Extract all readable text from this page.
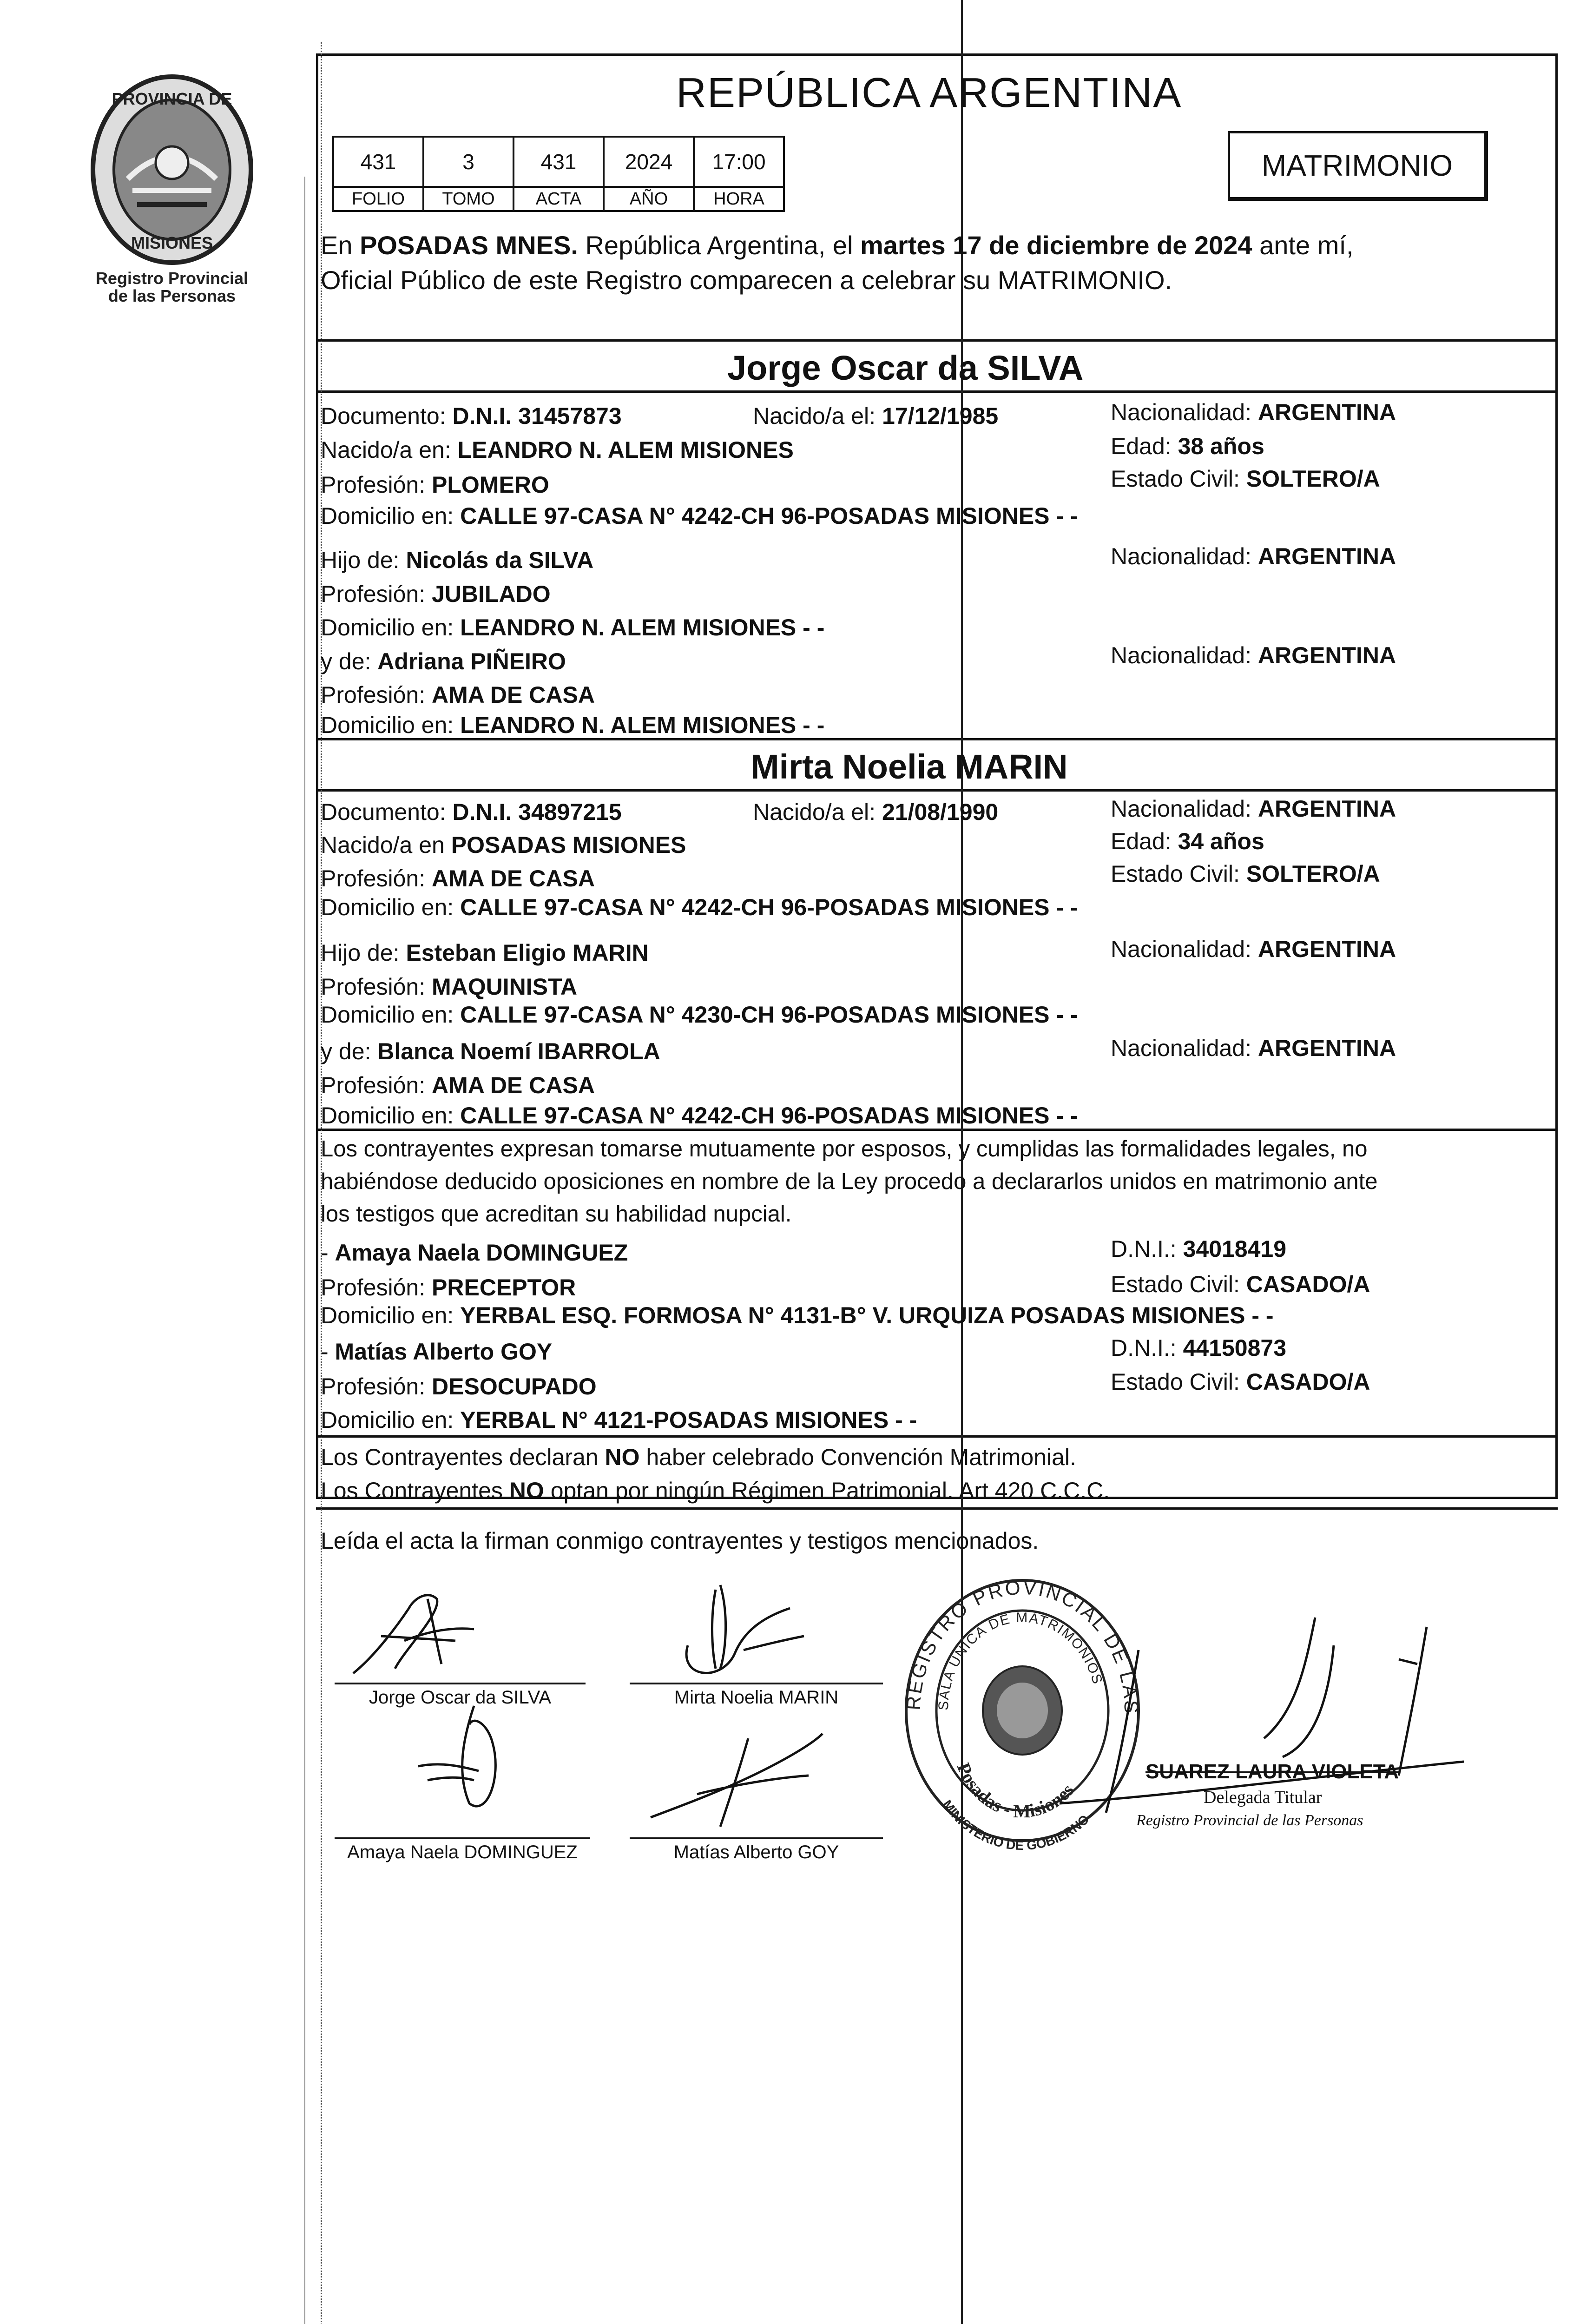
PROVINCIA DE
MISIONES
Registro Provincial
de las Personas
REPÚBLICA ARGENTINA
431	3	431	2024	17:00
FOLIO	TOMO	ACTA	AÑO	HORA
MATRIMONIO
En POSADAS MNES. República Argentina, el martes 17 de diciembre de 2024 ante mí,
Oficial Público de este Registro comparecen a celebrar su MATRIMONIO.
Jorge Oscar da SILVA
Documento: D.N.I. 31457873	Nacido/a el: 17/12/1985	Nacionalidad: ARGENTINA
Nacido/a en: LEANDRO N. ALEM MISIONES	Edad: 38 años
Profesión: PLOMERO	Estado Civil: SOLTERO/A
Domicilio en: CALLE 97-CASA N° 4242-CH 96-POSADAS MISIONES - -
Hijo de: Nicolás da SILVA	Nacionalidad: ARGENTINA
Profesión: JUBILADO
Domicilio en: LEANDRO N. ALEM MISIONES - -
y de: Adriana PIÑEIRO	Nacionalidad: ARGENTINA
Profesión: AMA DE CASA
Domicilio en: LEANDRO N. ALEM MISIONES - -
Mirta Noelia MARIN
Documento: D.N.I. 34897215	Nacido/a el: 21/08/1990	Nacionalidad: ARGENTINA
Nacido/a en POSADAS MISIONES	Edad: 34 años
Profesión: AMA DE CASA	Estado Civil: SOLTERO/A
Domicilio en: CALLE 97-CASA N° 4242-CH 96-POSADAS MISIONES - -
Hijo de: Esteban Eligio MARIN	Nacionalidad: ARGENTINA
Profesión: MAQUINISTA
Domicilio en: CALLE 97-CASA N° 4230-CH 96-POSADAS MISIONES - -
y de: Blanca Noemí IBARROLA	Nacionalidad: ARGENTINA
Profesión: AMA DE CASA
Domicilio en: CALLE 97-CASA N° 4242-CH 96-POSADAS MISIONES - -
Los contrayentes expresan tomarse mutuamente por esposos, y cumplidas las formalidades legales, no
habiéndose deducido oposiciones en nombre de la Ley procedo a declararlos unidos en matrimonio ante
los testigos que acreditan su habilidad nupcial.
- Amaya Naela DOMINGUEZ	D.N.I.: 34018419
Profesión: PRECEPTOR	Estado Civil: CASADO/A
Domicilio en: YERBAL ESQ. FORMOSA N° 4131-B° V. URQUIZA POSADAS MISIONES - -
- Matías Alberto GOY	D.N.I.: 44150873
Profesión: DESOCUPADO	Estado Civil: CASADO/A
Domicilio en: YERBAL N° 4121-POSADAS MISIONES - -
Los Contrayentes declaran NO haber celebrado Convención Matrimonial.
Los Contrayentes NO optan por ningún Régimen Patrimonial. Art 420 C.C.C.
Leída el acta la firman conmigo contrayentes y testigos mencionados.
Jorge Oscar da SILVA	Mirta Noelia MARIN
Amaya Naela DOMINGUEZ	Matías Alberto GOY
REGISTRO PROVINCIAL DE LAS
SALA ÚNICA DE MATRIMONIOS
Posadas - Misiones
MINISTERIO DE GOBIERNO
SUAREZ LAURA VIOLETA
Delegada Titular
Registro Provincial de las Personas
